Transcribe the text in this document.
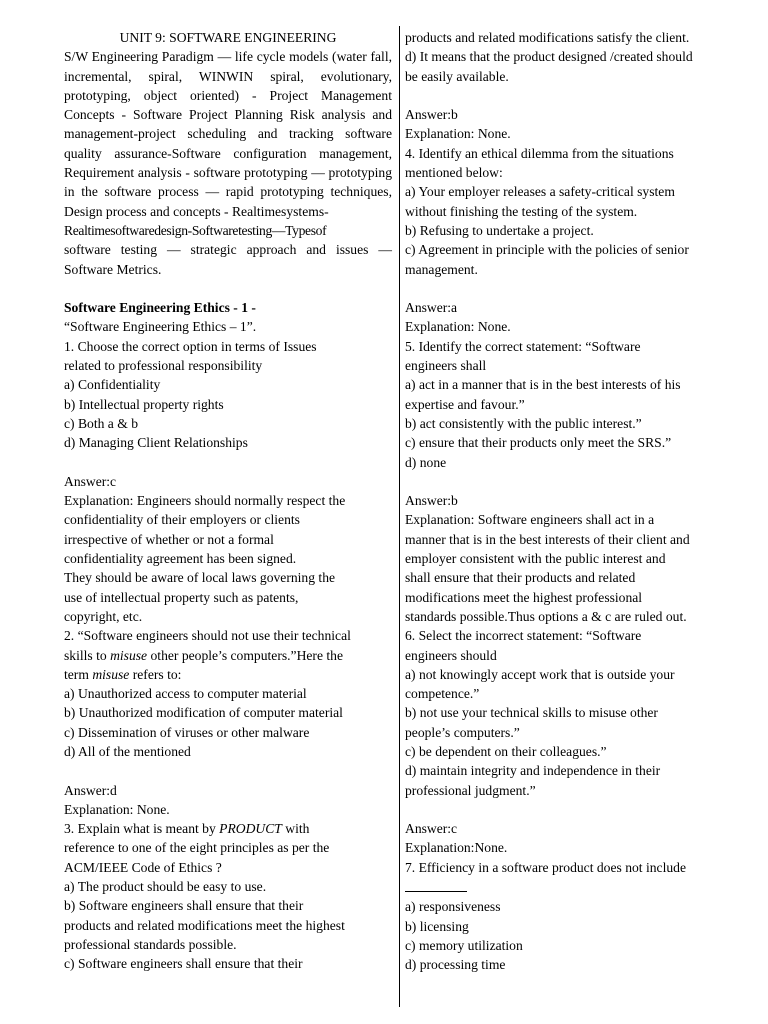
UNIT 9: SOFTWARE ENGINEERING

S/W Engineering Paradigm — life cycle models (water fall, incremental, spiral, WINWIN spiral, evolutionary, prototyping, object oriented) - Project Management Concepts - Software Project Planning Risk analysis and management-project scheduling and tracking software quality assurance-Software configuration management, Requirement analysis - software prototyping — prototyping in the software process — rapid prototyping techniques, Design process and concepts - Realtimesystems-

Realtimesoftwaredesign-Softwaretesting—Typesof

software testing — strategic approach and issues — Software Metrics.

Software Engineering Ethics - 1 -

“Software Engineering Ethics – 1”.

1. Choose the correct option in terms of Issues
related to professional responsibility
a) Confidentiality
b) Intellectual property rights
c) Both a & b
d) Managing Client Relationships
Answer:c
Explanation: Engineers should normally respect the
confidentiality of their employers or clients
irrespective of whether or not a formal
confidentiality agreement has been signed.
They should be aware of local laws governing the
use of intellectual property such as patents,
copyright, etc.
2. “Software engineers should not use their technical
skills to misuse other people’s computers.”Here the
term misuse refers to:
a) Unauthorized access to computer material
b) Unauthorized modification of computer material
c) Dissemination of viruses or other malware
d) All of the mentioned
Answer:d
Explanation: None.
3. Explain what is meant by PRODUCT with
reference to one of the eight principles as per the
ACM/IEEE Code of Ethics ?
a) The product should be easy to use.
b) Software engineers shall ensure that their
products and related modifications meet the highest
professional standards possible.
c) Software engineers shall ensure that their
products and related modifications satisfy the client.
d) It means that the product designed /created should
be easily available.
Answer:b
Explanation: None.
4. Identify an ethical dilemma from the situations
mentioned below:
a) Your employer releases a safety-critical system
without finishing the testing of the system.
b) Refusing to undertake a project.
c) Agreement in principle with the policies of senior
management.
Answer:a
Explanation: None.
5. Identify the correct statement: “Software
engineers shall
a) act in a manner that is in the best interests of his
expertise and favour.”
b) act consistently with the public interest.”
c) ensure that their products only meet the SRS.”
d) none
Answer:b
Explanation: Software engineers shall act in a
manner that is in the best interests of their client and
employer consistent with the public interest and
shall ensure that their products and related
modifications meet the highest professional
standards possible.Thus options a & c are ruled out.
6. Select the incorrect statement: “Software
engineers should
a) not knowingly accept work that is outside your
competence.”
b) not use your technical skills to misuse other
people’s computers.”
c) be dependent on their colleagues.”
d) maintain integrity and independence in their
professional judgment.”
Answer:c
Explanation:None.
7. Efficiency in a software product does not include
a) responsiveness
b) licensing
c) memory utilization
d) processing time
